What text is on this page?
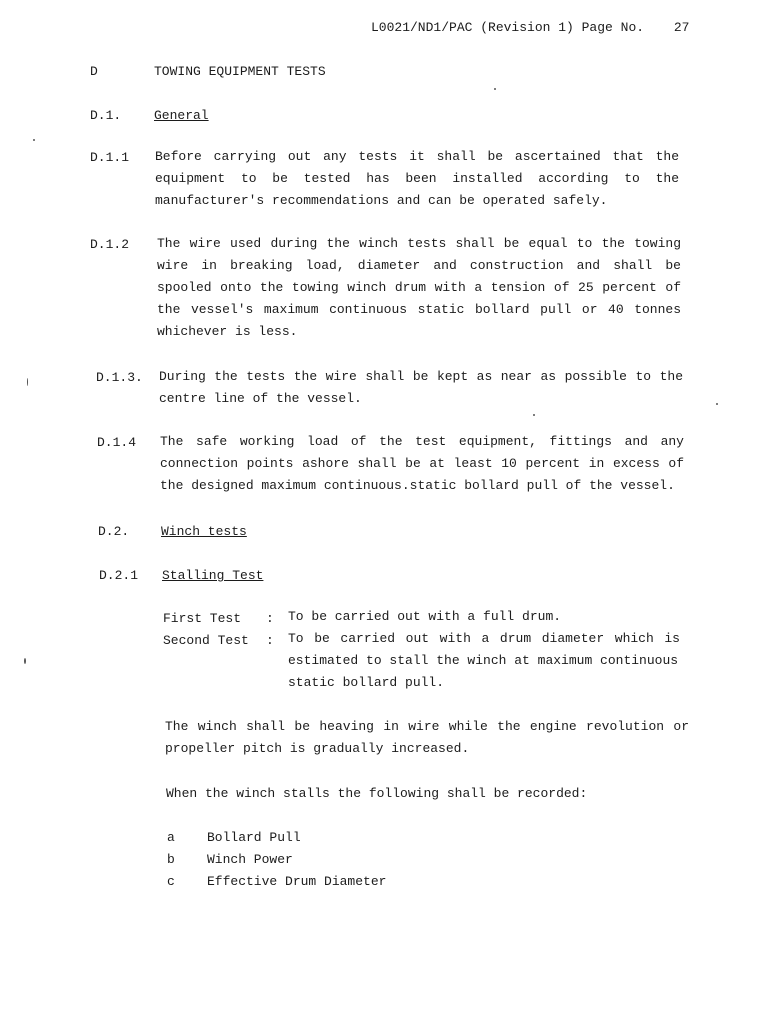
L0021/ND1/PAC (Revision 1) Page No. 27
D	TOWING EQUIPMENT TESTS
D.1.	General
D.1.1 Before carrying out any tests it shall be ascertained that the
equipment to be tested has been installed according to the
manufacturer's recommendations and can be operated safely.
D.1.2 The wire used during the winch tests shall be equal to the towing
wire in breaking load, diameter and construction and shall be
spooled onto the towing winch drum with a tension of 25 percent of
the vessel's maximum continuous static bollard pull or 40 tonnes
whichever is less.
D.1.3. During the tests the wire shall be kept as near as possible to the
centre line of the vessel.
D.1.4 The safe working load of the test equipment, fittings and any
connection points ashore shall be at least 10 percent in excess of
the designed maximum continuous.static bollard pull of the vessel.
D.2. Winch tests
D.2.1 Stalling Test
First Test : To be carried out with a full drum.
Second Test : To be carried out with a drum diameter which is
estimated to stall the winch at maximum continuous
static bollard pull.
The winch shall be heaving in wire while the engine revolution or
propeller pitch is gradually increased.
When the winch stalls the following shall be recorded:
a Bollard Pull
b Winch Power
c Effective Drum Diameter
